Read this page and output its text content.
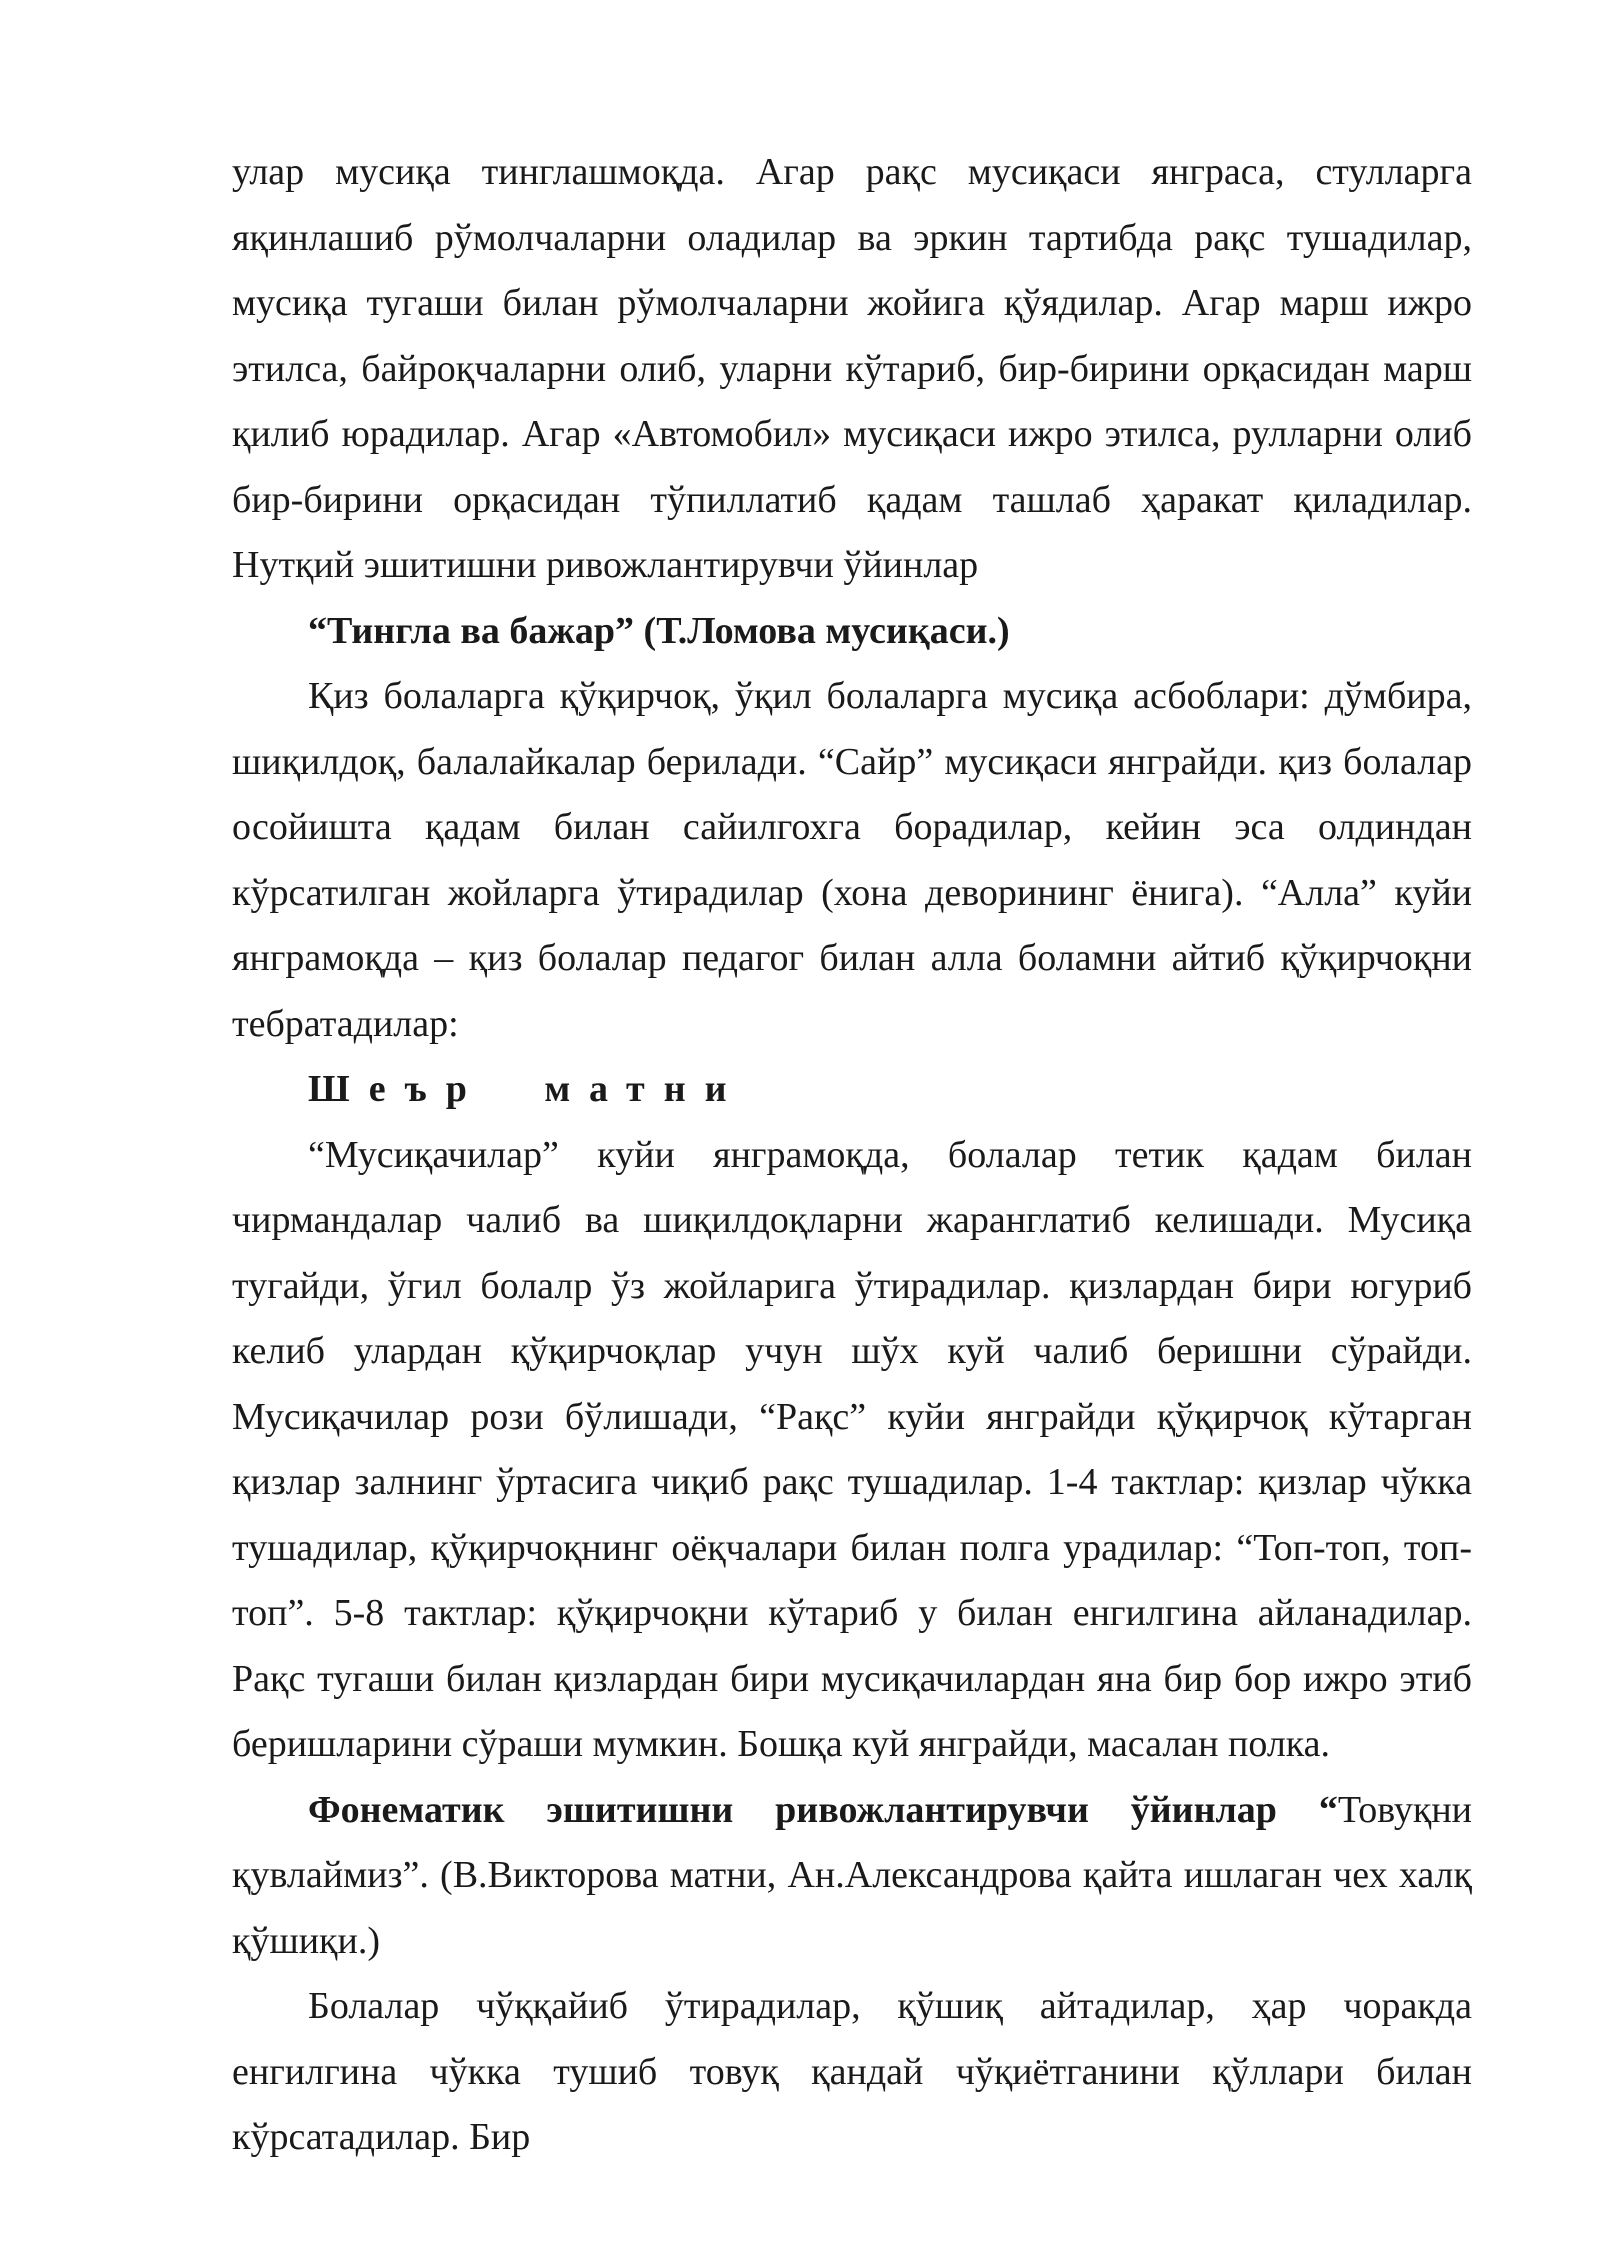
улар мусиқа тинглашмоқда. Агар рақс мусиқаси янграса, стулларга яқинлашиб рўмолчаларни оладилар ва эркин тартибда рақс тушадилар, мусиқа тугаши билан рўмолчаларни жойига қўядилар. Агар марш ижро этилса, байроқчаларни олиб, уларни кўтариб, бир-бирини орқасидан марш қилиб юрадилар. Агар «Автомобил» мусиқаси ижро этилса, рулларни олиб бир-бирини орқасидан тўпиллатиб қадам ташлаб ҳаракат қиладилар. Нутқий эшитишни ривожлантирувчи ўйинлар

“Тингла ва бажар” (Т.Ломова мусиқаси.)

Қиз болаларга қўқирчоқ, ўқил болаларга мусиқа асбоблари: дўмбира, шиқилдоқ, балалайкалар берилади. “Сайр” мусиқаси янграйди. қиз болалар осойишта қадам билан сайилгохга борадилар, кейин эса олдиндан кўрсатилган жойларга ўтирадилар (хона деворининг ёнига). “Алла” куйи янграмоқда – қиз болалар педагог билан алла боламни айтиб қўқирчоқни тебратадилар:

Шеър матни

“Мусиқачилар” куйи янграмоқда, болалар тетик қадам билан чирмандалар чалиб ва шиқилдоқларни жаранглатиб келишади. Мусиқа тугайди, ўгил болалр ўз жойларига ўтирадилар. қизлардан бири югуриб келиб улардан қўқирчоқлар учун шўх куй чалиб беришни сўрайди. Мусиқачилар рози бўлишади, “Рақс” куйи янграйди қўқирчоқ кўтарган қизлар залнинг ўртасига чиқиб рақс тушадилар. 1-4 тактлар: қизлар чўкка тушадилар, қўқирчоқнинг оёқчалари билан полга урадилар: “Топ-топ, топ-топ”. 5-8 тактлар: қўқирчоқни кўтариб у билан енгилгина айланадилар. Рақс тугаши билан қизлардан бири мусиқачилардан яна бир бор ижро этиб беришларини сўраши мумкин. Бошқа куй янграйди, масалан полка.

Фонематик эшитишни ривожлантирувчи ўйинлар “Товуқни қувлаймиз”. (В.Викторова матни, Ан.Александрова қайта ишлаган чех халқ қўшиқи.)

Болалар чўққайиб ўтирадилар, қўшиқ айтадилар, ҳар чоракда енгилгина чўкка тушиб товуқ қандай чўқиётганини қўллари билан кўрсатадилар. Бир
